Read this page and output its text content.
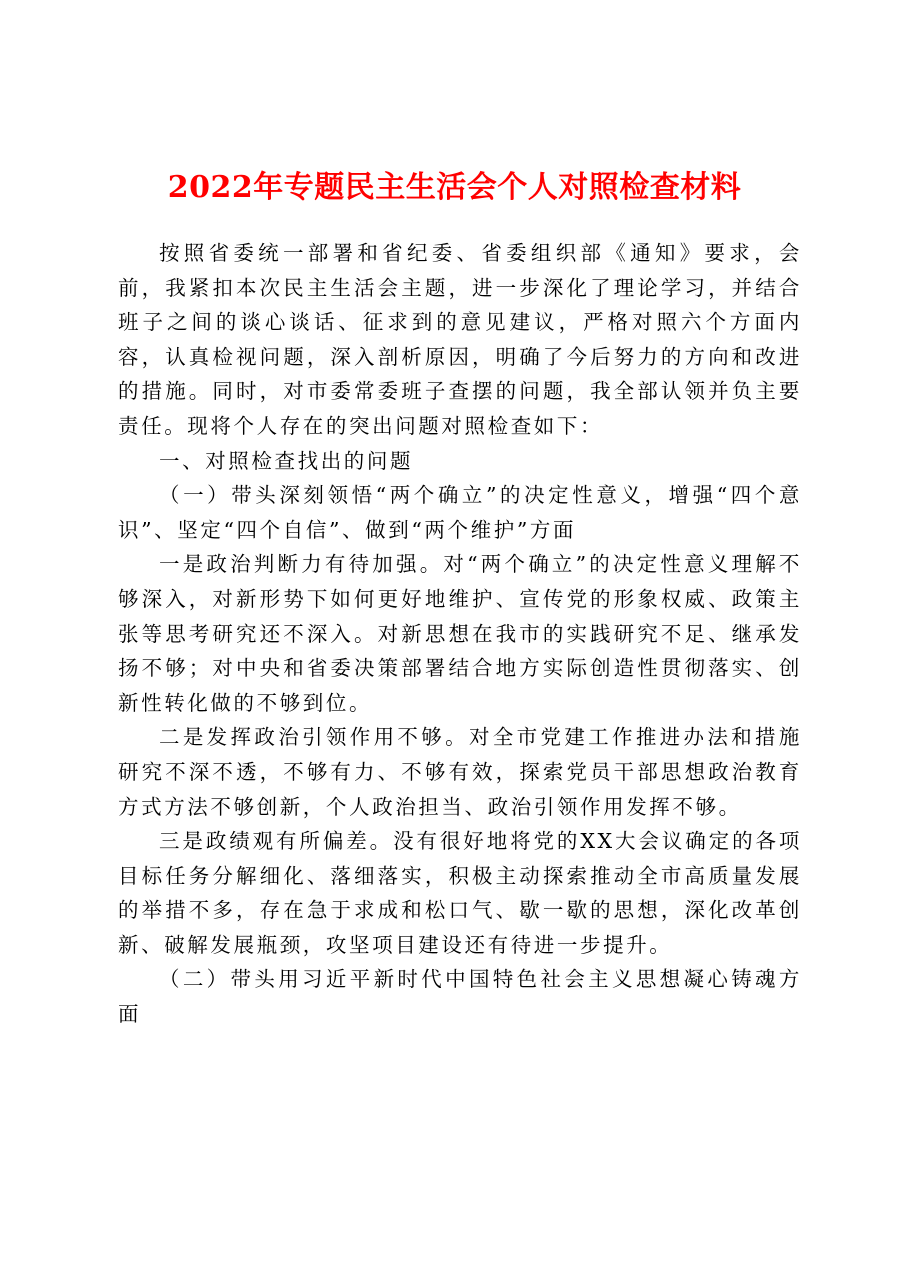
2022年专题民主生活会个人对照检查材料

按照省委统一部署和省纪委、省委组织部《通知》要求，会前，我紧扣本次民主生活会主题，进一步深化了理论学习，并结合班子之间的谈心谈话、征求到的意见建议，严格对照六个方面内容，认真检视问题，深入剖析原因，明确了今后努力的方向和改进的措施。同时，对市委常委班子查摆的问题，我全部认领并负主要责任。现将个人存在的突出问题对照检查如下：

一、对照检查找出的问题

（一）带头深刻领悟“两个确立”的决定性意义，增强“四个意识”、坚定“四个自信”、做到“两个维护”方面

一是政治判断力有待加强。对“两个确立”的决定性意义理解不够深入，对新形势下如何更好地维护、宣传党的形象权威、政策主张等思考研究还不深入。对新思想在我市的实践研究不足、继承发扬不够；对中央和省委决策部署结合地方实际创造性贯彻落实、创新性转化做的不够到位。

二是发挥政治引领作用不够。对全市党建工作推进办法和措施研究不深不透，不够有力、不够有效，探索党员干部思想政治教育方式方法不够创新，个人政治担当、政治引领作用发挥不够。

三是政绩观有所偏差。没有很好地将党的XX大会议确定的各项目标任务分解细化、落细落实，积极主动探索推动全市高质量发展的举措不多，存在急于求成和松口气、歇一歇的思想，深化改革创新、破解发展瓶颈，攻坚项目建设还有待进一步提升。

（二）带头用习近平新时代中国特色社会主义思想凝心铸魂方面
